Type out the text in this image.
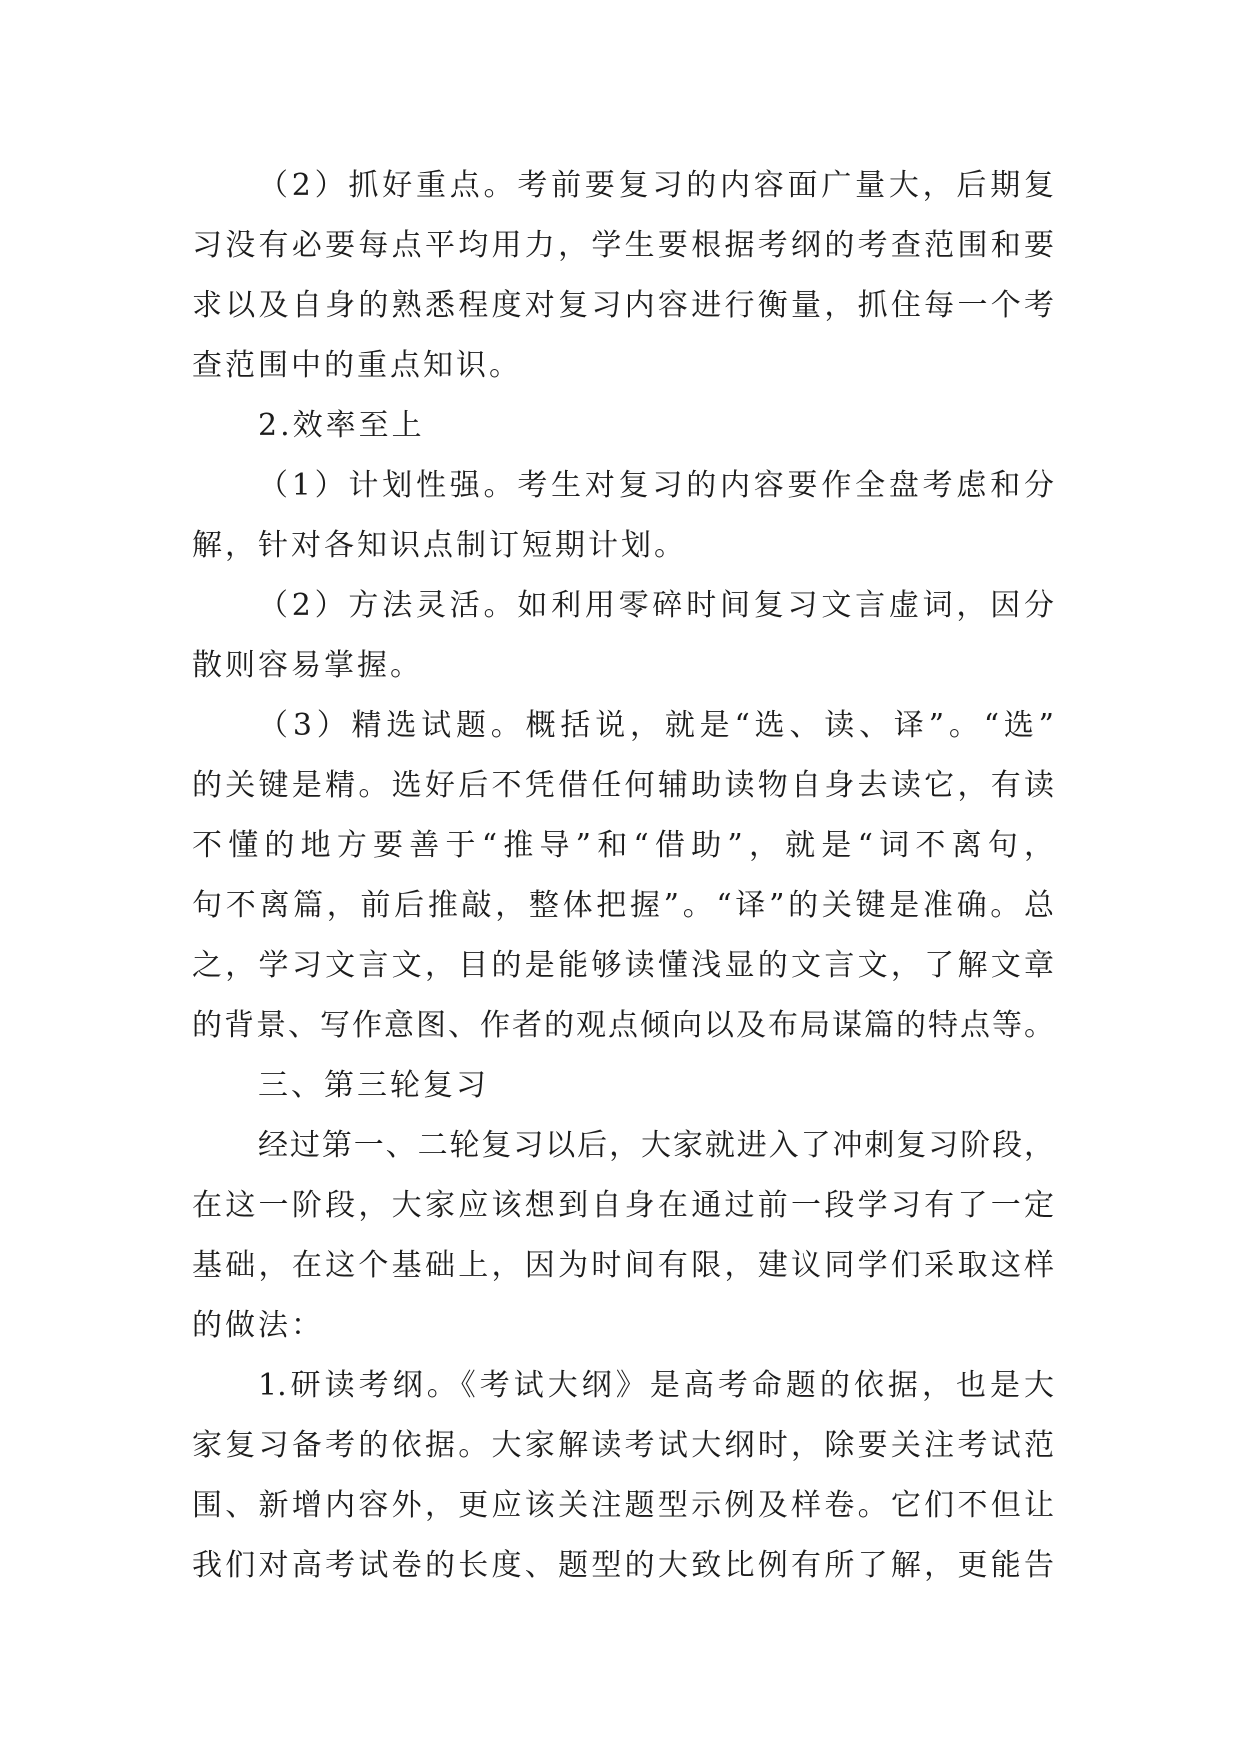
（2）抓好重点。考前要复习的内容面广量大，后期复
习没有必要每点平均用力，学生要根据考纲的考查范围和要
求以及自身的熟悉程度对复习内容进行衡量，抓住每一个考
查范围中的重点知识。
2.效率至上
（1）计划性强。考生对复习的内容要作全盘考虑和分
解，针对各知识点制订短期计划。
（2）方法灵活。如利用零碎时间复习文言虚词，因分
散则容易掌握。
（3）精选试题。概括说，就是“选、读、译”。“选”
的关键是精。选好后不凭借任何辅助读物自身去读它，有读
不懂的地方要善于“推导”和“借助”，就是“词不离句，
句不离篇，前后推敲，整体把握”。“译”的关键是准确。总
之，学习文言文，目的是能够读懂浅显的文言文，了解文章
的背景、写作意图、作者的观点倾向以及布局谋篇的特点等。
三、第三轮复习
经过第一、二轮复习以后，大家就进入了冲刺复习阶段，
在这一阶段，大家应该想到自身在通过前一段学习有了一定
基础，在这个基础上，因为时间有限，建议同学们采取这样
的做法：
1.研读考纲。《考试大纲》是高考命题的依据，也是大
家复习备考的依据。大家解读考试大纲时，除要关注考试范
围、新增内容外，更应该关注题型示例及样卷。它们不但让
我们对高考试卷的长度、题型的大致比例有所了解，更能告
